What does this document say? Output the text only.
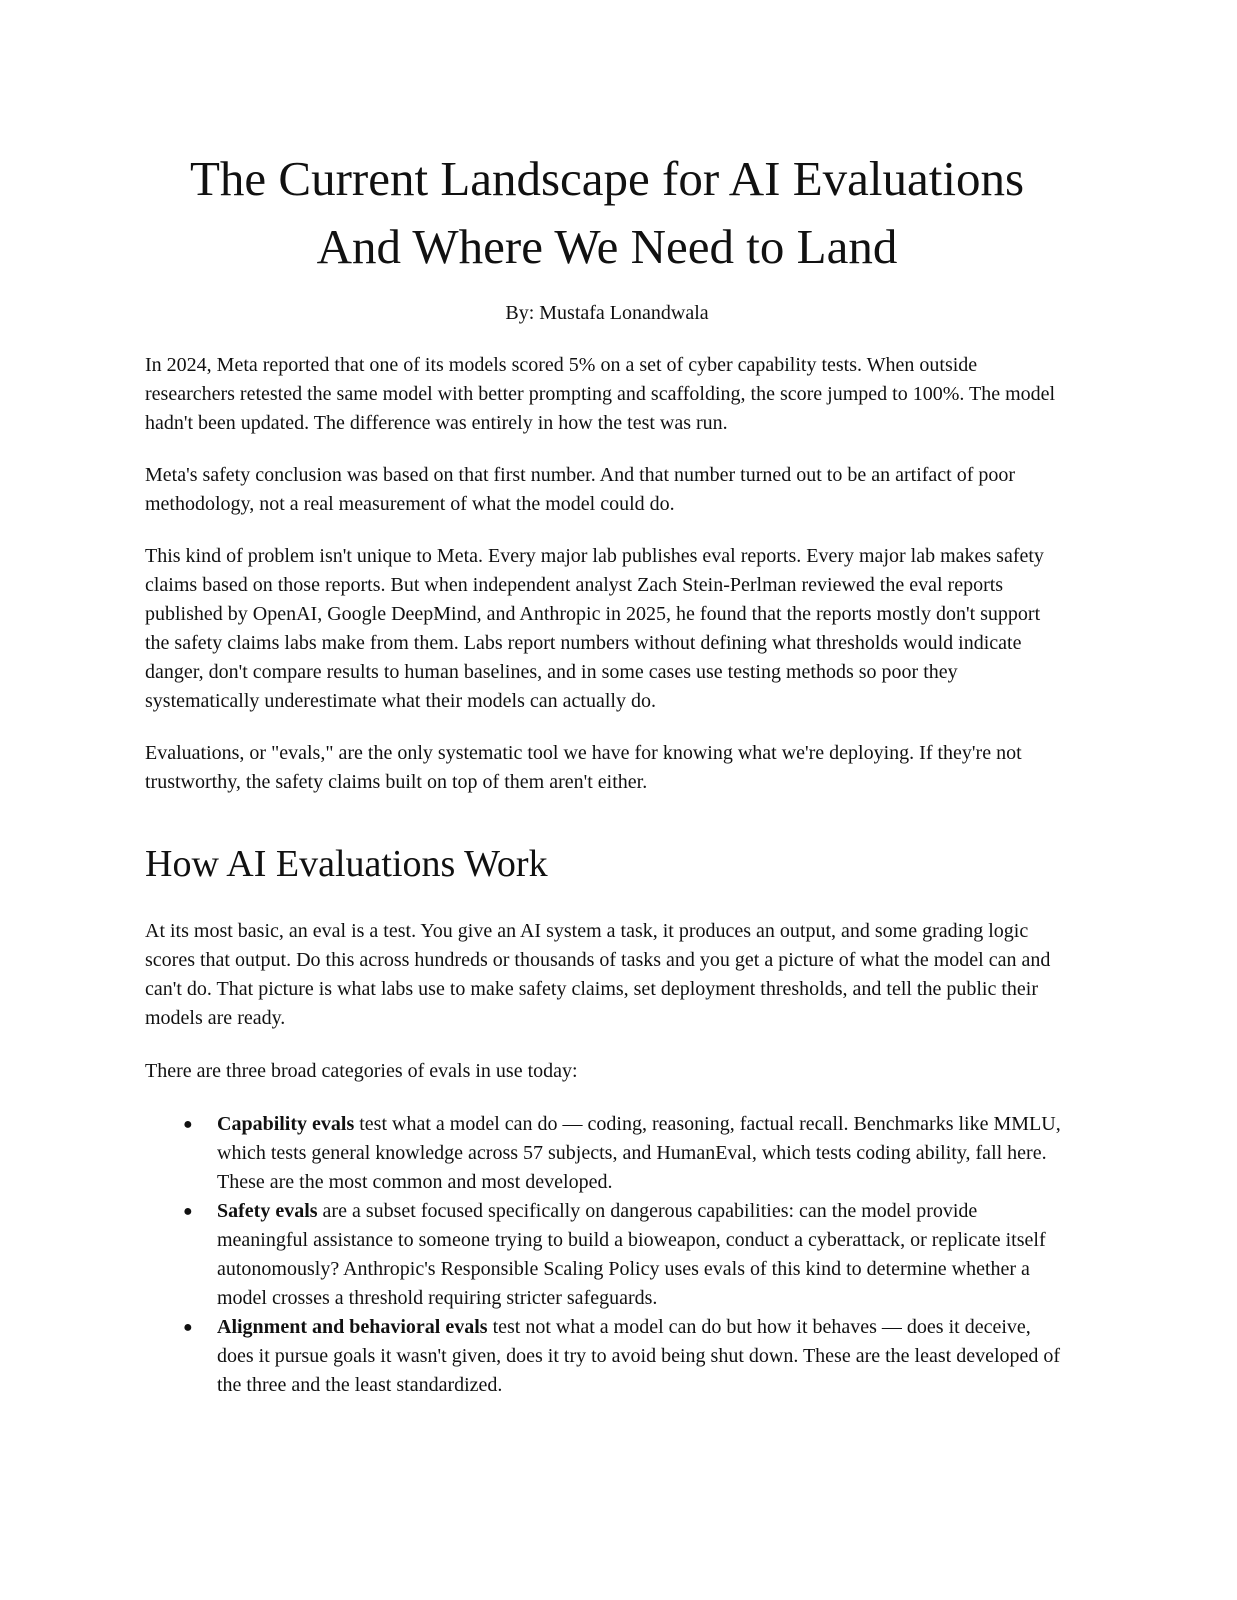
The Current Landscape for AI Evaluations
And Where We Need to Land

By: Mustafa Lonandwala

In 2024, Meta reported that one of its models scored 5% on a set of cyber capability tests. When outside researchers retested the same model with better prompting and scaffolding, the score jumped to 100%. The model hadn't been updated. The difference was entirely in how the test was run.

Meta's safety conclusion was based on that first number. And that number turned out to be an artifact of poor methodology, not a real measurement of what the model could do.

This kind of problem isn't unique to Meta. Every major lab publishes eval reports. Every major lab makes safety claims based on those reports. But when independent analyst Zach Stein-Perlman reviewed the eval reports published by OpenAI, Google DeepMind, and Anthropic in 2025, he found that the reports mostly don't support the safety claims labs make from them. Labs report numbers without defining what thresholds would indicate danger, don't compare results to human baselines, and in some cases use testing methods so poor they systematically underestimate what their models can actually do.

Evaluations, or "evals," are the only systematic tool we have for knowing what we're deploying. If they're not trustworthy, the safety claims built on top of them aren't either.

How AI Evaluations Work

At its most basic, an eval is a test. You give an AI system a task, it produces an output, and some grading logic scores that output. Do this across hundreds or thousands of tasks and you get a picture of what the model can and can't do. That picture is what labs use to make safety claims, set deployment thresholds, and tell the public their models are ready.

There are three broad categories of evals in use today:

● Capability evals test what a model can do — coding, reasoning, factual recall. Benchmarks like MMLU, which tests general knowledge across 57 subjects, and HumanEval, which tests coding ability, fall here. These are the most common and most developed.
● Safety evals are a subset focused specifically on dangerous capabilities: can the model provide meaningful assistance to someone trying to build a bioweapon, conduct a cyberattack, or replicate itself autonomously? Anthropic's Responsible Scaling Policy uses evals of this kind to determine whether a model crosses a threshold requiring stricter safeguards.
● Alignment and behavioral evals test not what a model can do but how it behaves — does it deceive, does it pursue goals it wasn't given, does it try to avoid being shut down. These are the least developed of the three and the least standardized.
